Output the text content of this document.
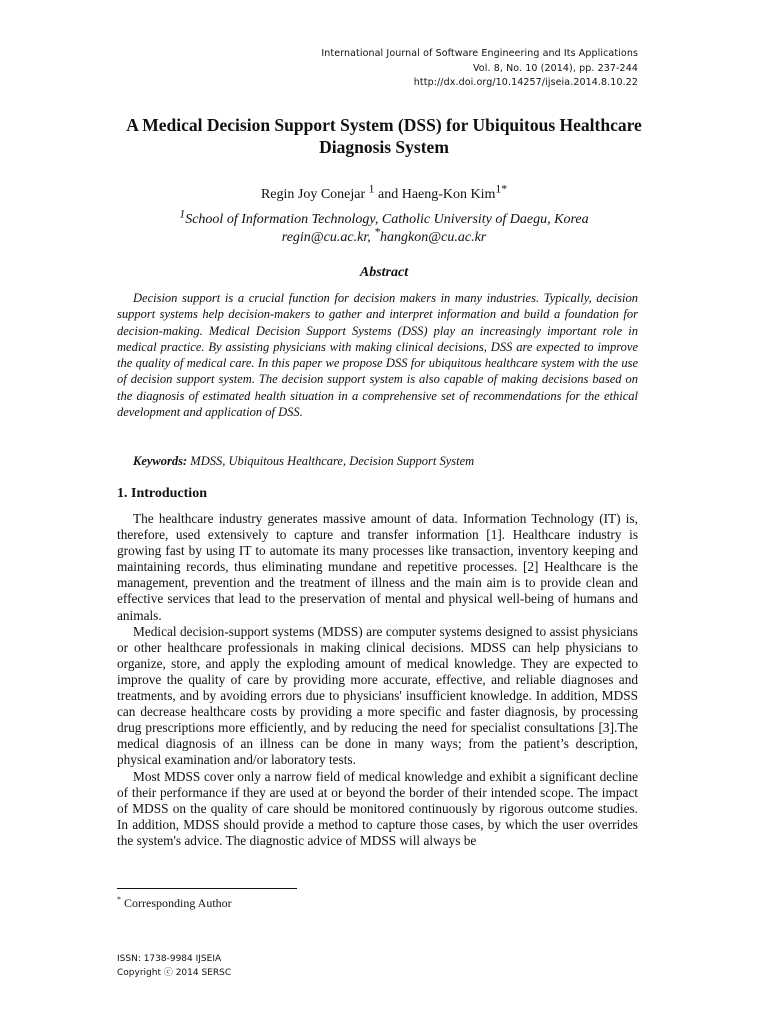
International Journal of Software Engineering and Its Applications
Vol. 8, No. 10 (2014), pp. 237-244
http://dx.doi.org/10.14257/ijseia.2014.8.10.22
A Medical Decision Support System (DSS) for Ubiquitous Healthcare Diagnosis System
Regin Joy Conejar $^1$ and Haeng-Kon Kim$^{1*}$
$^1$School of Information Technology, Catholic University of Daegu, Korea
regin@cu.ac.kr, *hangkon@cu.ac.kr
Abstract
Decision support is a crucial function for decision makers in many industries. Typically, decision support systems help decision-makers to gather and interpret information and build a foundation for decision-making. Medical Decision Support Systems (DSS) play an increasingly important role in medical practice. By assisting physicians with making clinical decisions, DSS are expected to improve the quality of medical care. In this paper we propose DSS for ubiquitous healthcare system with the use of decision support system. The decision support system is also capable of making decisions based on the diagnosis of estimated health situation in a comprehensive set of recommendations for the ethical development and application of DSS.
Keywords: MDSS, Ubiquitous Healthcare, Decision Support System
1. Introduction

The healthcare industry generates massive amount of data. Information Technology (IT) is, therefore, used extensively to capture and transfer information [1]. Healthcare industry is growing fast by using IT to automate its many processes like transaction, inventory keeping and maintaining records, thus eliminating mundane and repetitive processes. [2] Healthcare is the management, prevention and the treatment of illness and the main aim is to provide clean and effective services that lead to the preservation of mental and physical well-being of humans and animals.

Medical decision-support systems (MDSS) are computer systems designed to assist physicians or other healthcare professionals in making clinical decisions. MDSS can help physicians to organize, store, and apply the exploding amount of medical knowledge. They are expected to improve the quality of care by providing more accurate, effective, and reliable diagnoses and treatments, and by avoiding errors due to physicians' insufficient knowledge. In addition, MDSS can decrease healthcare costs by providing a more specific and faster diagnosis, by processing drug prescriptions more efficiently, and by reducing the need for specialist consultations [3].The medical diagnosis of an illness can be done in many ways; from the patient’s description, physical examination and/or laboratory tests.

Most MDSS cover only a narrow field of medical knowledge and exhibit a significant decline of their performance if they are used at or beyond the border of their intended scope. The impact of MDSS on the quality of care should be monitored continuously by rigorous outcome studies. In addition, MDSS should provide a method to capture those cases, by which the user overrides the system's advice. The diagnostic advice of MDSS will always be

* Corresponding Author
ISSN: 1738-9984 IJSEIA
Copyright ⓒ 2014 SERSC
